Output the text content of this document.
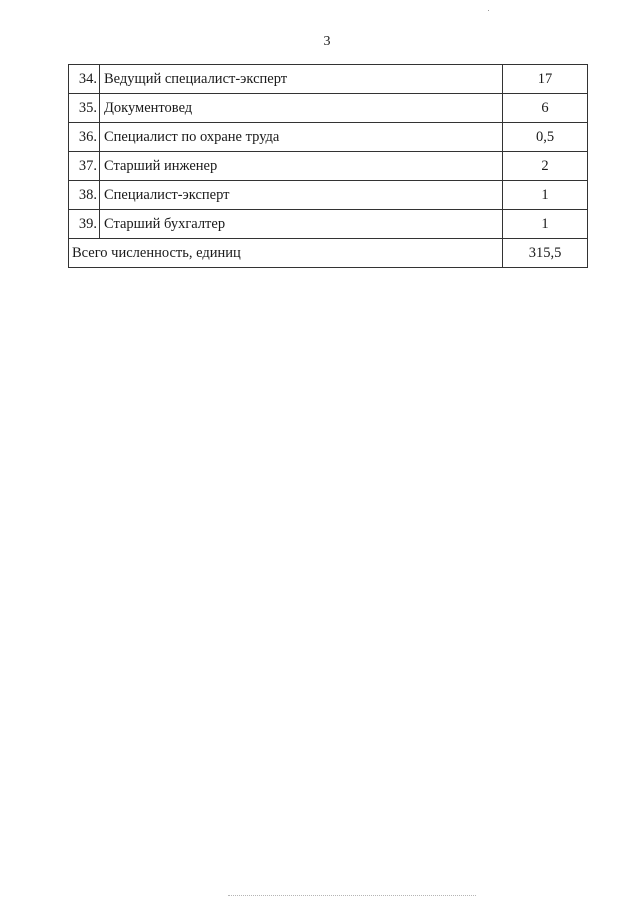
3
34.	Ведущий специалист-эксперт	17
35.	Документовед	6
36.	Специалист по охране труда	0,5
37.	Старший инженер	2
38.	Специалист-эксперт	1
39.	Старший бухгалтер	1
Всего численность, единиц		315,5
